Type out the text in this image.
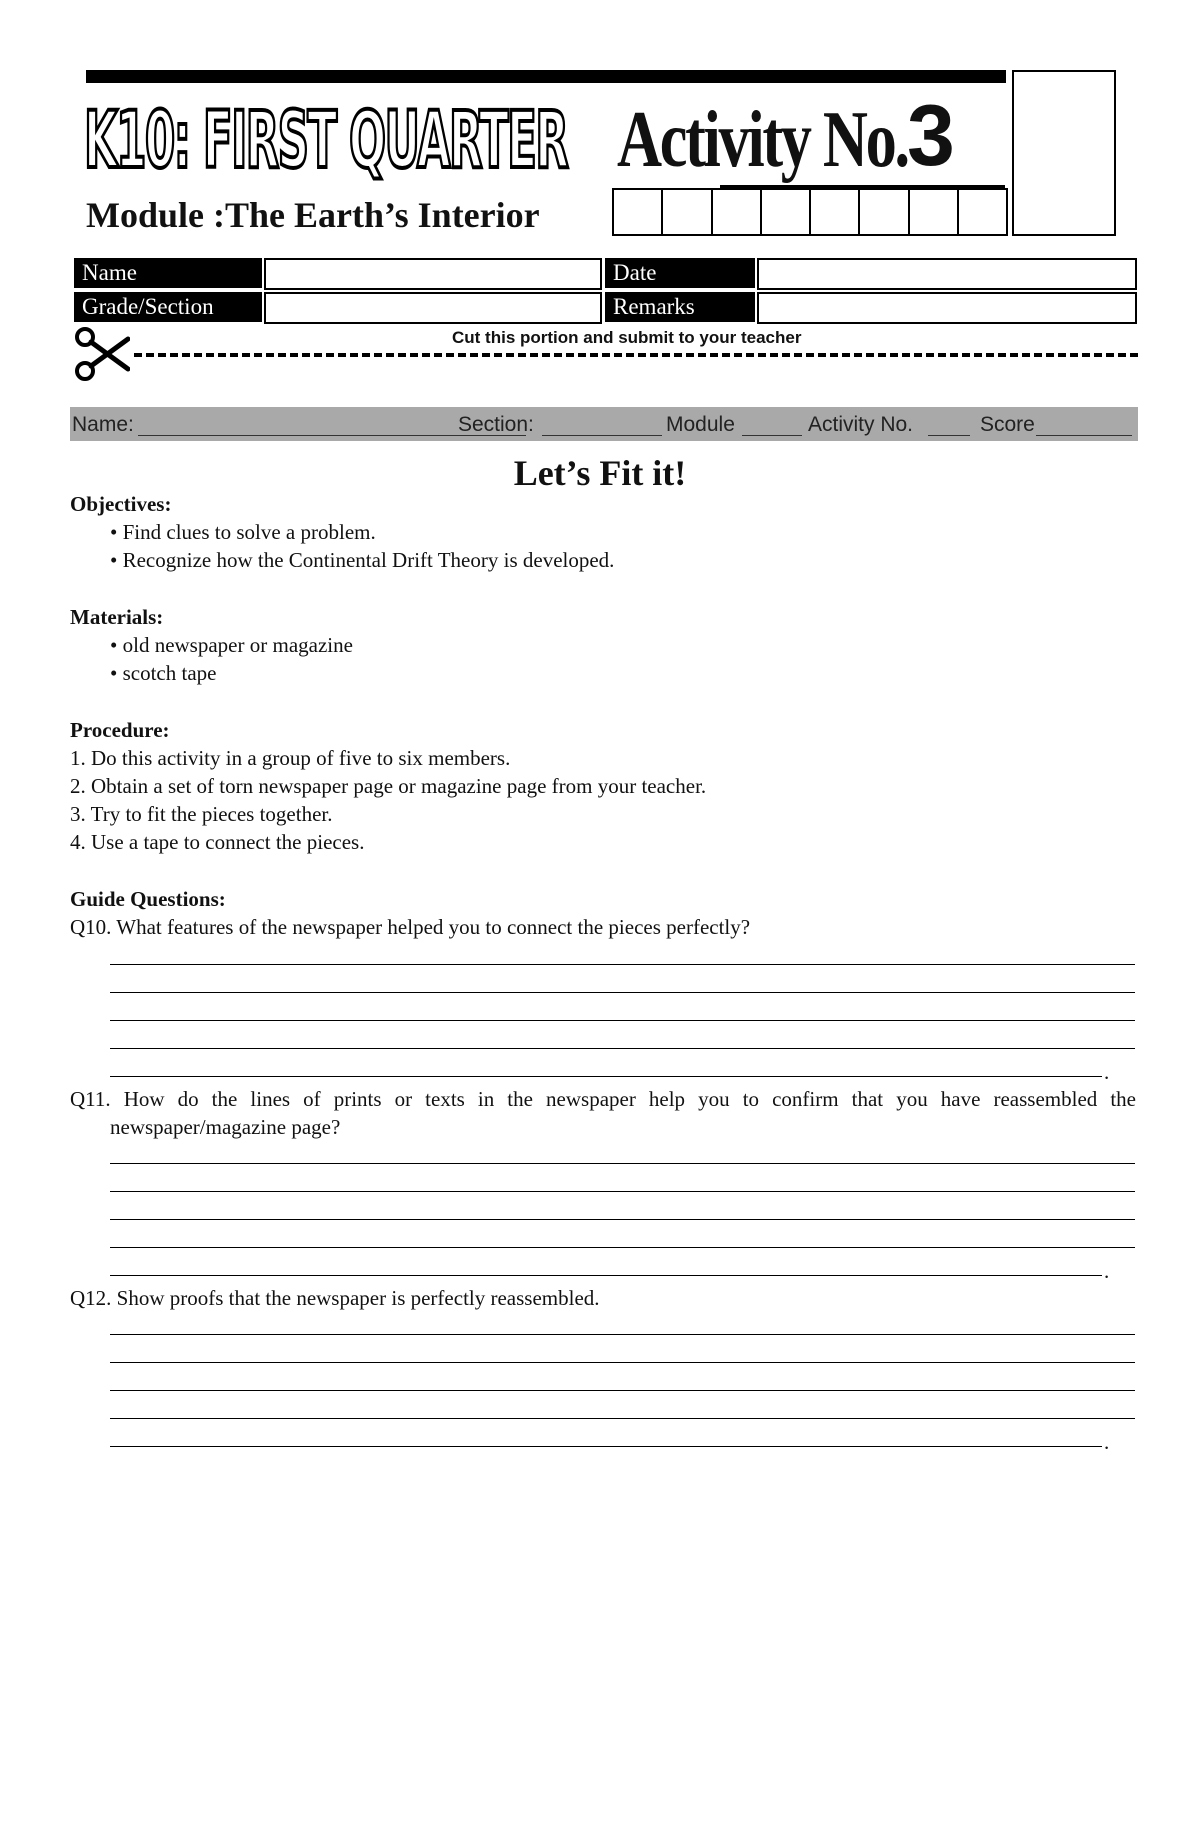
K10: FIRST QUARTER Activity No. 3
Module :The Earth’s Interior
Name	Date
Grade/Section	Remarks
Cut this portion and submit to your teacher
Name:	Section:	Module	Activity No.	Score
Let’s Fit it!
Objectives:
• Find clues to solve a problem.
• Recognize how the Continental Drift Theory is developed.
Materials:
• old newspaper or magazine
• scotch tape
Procedure:
1. Do this activity in a group of five to six members.
2. Obtain a set of torn newspaper page or magazine page from your teacher.
3. Try to fit the pieces together.
4. Use a tape to connect the pieces.
Guide Questions:
Q10. What features of the newspaper helped you to connect the pieces perfectly?
.
Q11. How do the lines of prints or texts in the newspaper help you to confirm that you have reassembled the
newspaper/magazine page?
.
Q12. Show proofs that the newspaper is perfectly reassembled.
.
